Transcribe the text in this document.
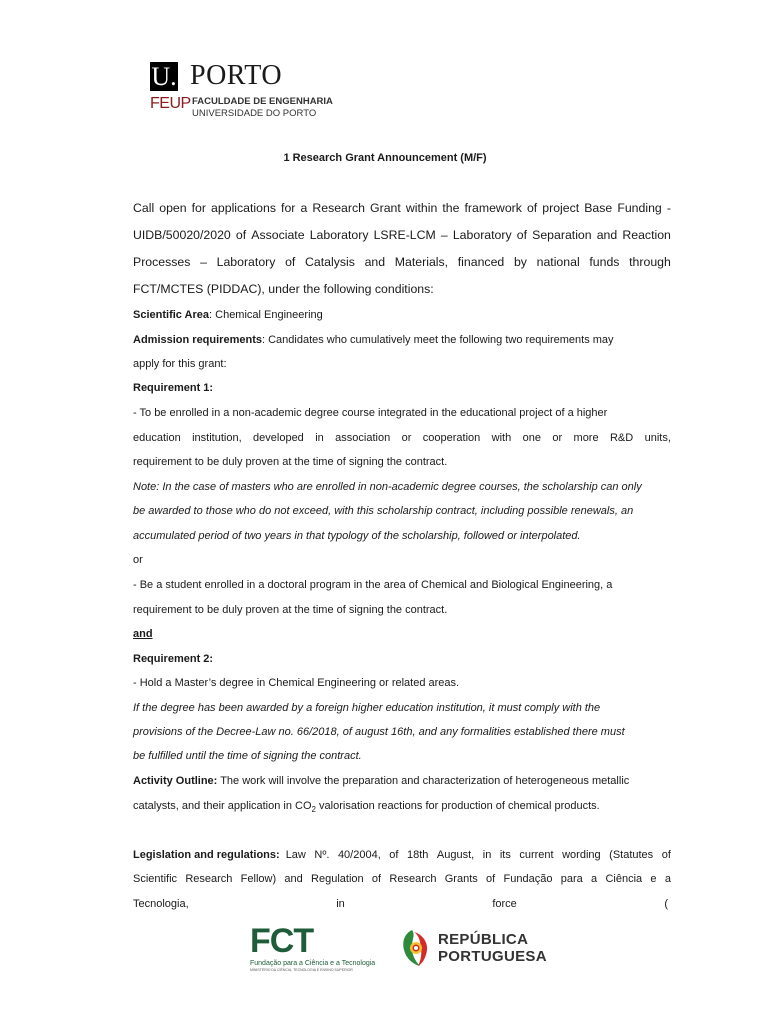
U. PORTO
FEUP FACULDADE DE ENGENHARIA
UNIVERSIDADE DO PORTO
1 Research Grant Announcement (M/F)
Call open for applications for a Research Grant within the framework of project Base Funding -
UIDB/50020/2020 of Associate Laboratory LSRE-LCM – Laboratory of Separation and Reaction
Processes – Laboratory of Catalysis and Materials, financed by national funds through
FCT/MCTES (PIDDAC), under the following conditions:
Scientific Area: Chemical Engineering
Admission requirements: Candidates who cumulatively meet the following two requirements may
apply for this grant:
Requirement 1:
- To be enrolled in a non-academic degree course integrated in the educational project of a higher
education institution, developed in association or cooperation with one or more R&D units,
requirement to be duly proven at the time of signing the contract.
Note: In the case of masters who are enrolled in non-academic degree courses, the scholarship can only
be awarded to those who do not exceed, with this scholarship contract, including possible renewals, an
accumulated period of two years in that typology of the scholarship, followed or interpolated.
or
- Be a student enrolled in a doctoral program in the area of Chemical and Biological Engineering, a
requirement to be duly proven at the time of signing the contract.
and
Requirement 2:
- Hold a Master’s degree in Chemical Engineering or related areas.
If the degree has been awarded by a foreign higher education institution, it must comply with the
provisions of the Decree-Law no. 66/2018, of august 16th, and any formalities established there must
be fulfilled until the time of signing the contract.
Activity Outline: The work will involve the preparation and characterization of heterogeneous metallic
catalysts, and their application in $CO_2$ valorisation reactions for production of chemical products.
Legislation and regulations: Law Nº. 40/2004, of 18th August, in its current wording (Statutes of
Scientific Research Fellow) and Regulation of Research Grants of Fundação para a Ciência e a
Tecnologia,	in	force	(
FCT
Fundação para a Ciência e a Tecnologia
MINISTÉRIO DA CIÊNCIA, TECNOLOGIA E ENSINO SUPERIOR
REPÚBLICA
PORTUGUESA
